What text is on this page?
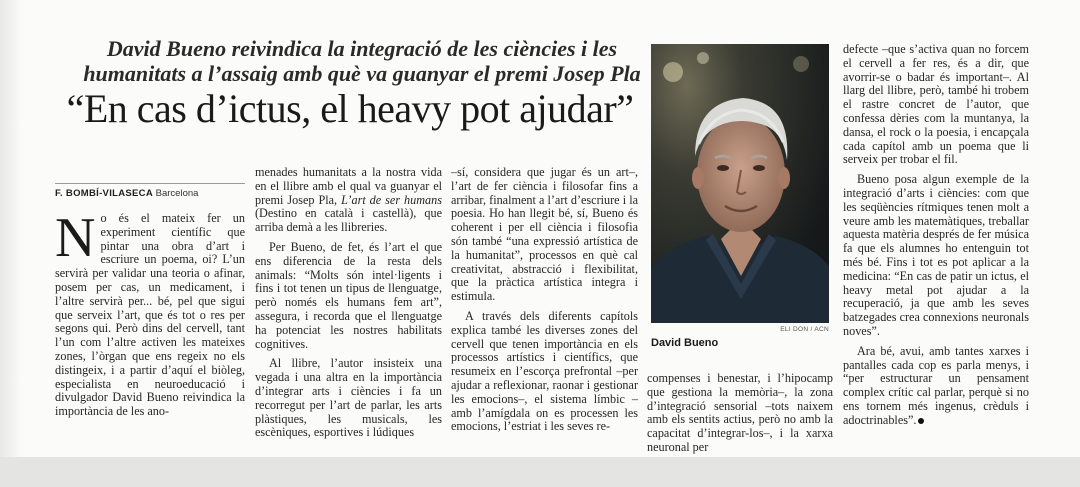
David Bueno reivindica la integració de les ciències i les humanitats a l’assaig amb què va guanyar el premi Josep Pla
“En cas d’ictus, el heavy pot ajudar”
F. BOMBÍ-VILASECA Barcelona

No és el mateix fer un experiment científic que pintar una obra d’art i escriure un poema, oi? L’un servirà per validar una teoria o afinar, posem per cas, un medicament, i l’altre servirà per... bé, pel que sigui que serveix l’art, que és tot o res per segons qui. Però dins del cervell, tant l’un com l’altre activen les mateixes zones, l’òrgan que ens regeix no els distingeix, i a partir d’aquí el biòleg, especialista en neuroeducació i divulgador David Bueno reivindica la importància de les ano-

menades humanitats a la nostra vida en el llibre amb el qual va guanyar el premi Josep Pla, L’art de ser humans (Destino en català i castellà), que arriba demà a les llibreries.

Per Bueno, de fet, és l’art el que ens diferencia de la resta dels animals: “Molts són intel·ligents i fins i tot tenen un tipus de llenguatge, però només els humans fem art”, assegura, i recorda que el llenguatge ha potenciat les nostres habilitats cognitives.

Al llibre, l’autor insisteix una vegada i una altra en la importància d’integrar arts i ciències i fa un recorregut per l’art de parlar, les arts plàstiques, les musicals, les escèniques, esportives i lúdiques

–sí, considera que jugar és un art–, l’art de fer ciència i filosofar fins a arribar, finalment a l’art d’escriure i la poesia. Ho han llegit bé, sí, Bueno és coherent i per ell ciència i filosofia són també “una expressió artística de la humanitat”, processos en què cal creativitat, abstracció i flexibilitat, que la pràctica artística integra i estimula.

A través dels diferents capítols explica també les diverses zones del cervell que tenen importància en els processos artístics i científics, que resumeix en l’escorça prefrontal –per ajudar a reflexionar, raonar i gestionar les emocions–, el sistema límbic –amb l’amígdala on es processen les emocions, l’estriat i les seves re-

ELI DON / ACN
David Bueno

compenses i benestar, i l’hipocamp que gestiona la memòria–, la zona d’integració sensorial –tots naixem amb els sentits actius, però no amb la capacitat d’integrar-los–, i la xarxa neuronal per

defecte –que s’activa quan no forcem el cervell a fer res, és a dir, que avorrir-se o badar és important–. Al llarg del llibre, però, també hi trobem el rastre concret de l’autor, que confessa dèries com la muntanya, la dansa, el rock o la poesia, i encapçala cada capítol amb un poema que li serveix per trobar el fil.

Bueno posa algun exemple de la integració d’arts i ciències: com que les seqüències rítmiques tenen molt a veure amb les matemàtiques, treballar aquesta matèria després de fer música fa que els alumnes ho entenguin tot més bé. Fins i tot es pot aplicar a la medicina: “En cas de patir un ictus, el heavy metal pot ajudar a la recuperació, ja que amb les seves batzegades crea connexions neuronals noves”.

Ara bé, avui, amb tantes xarxes i pantalles cada cop es parla menys, i “per estructurar un pensament complex crític cal parlar, perquè si no ens tornem més ingenus, crèduls i adoctrinables”.
